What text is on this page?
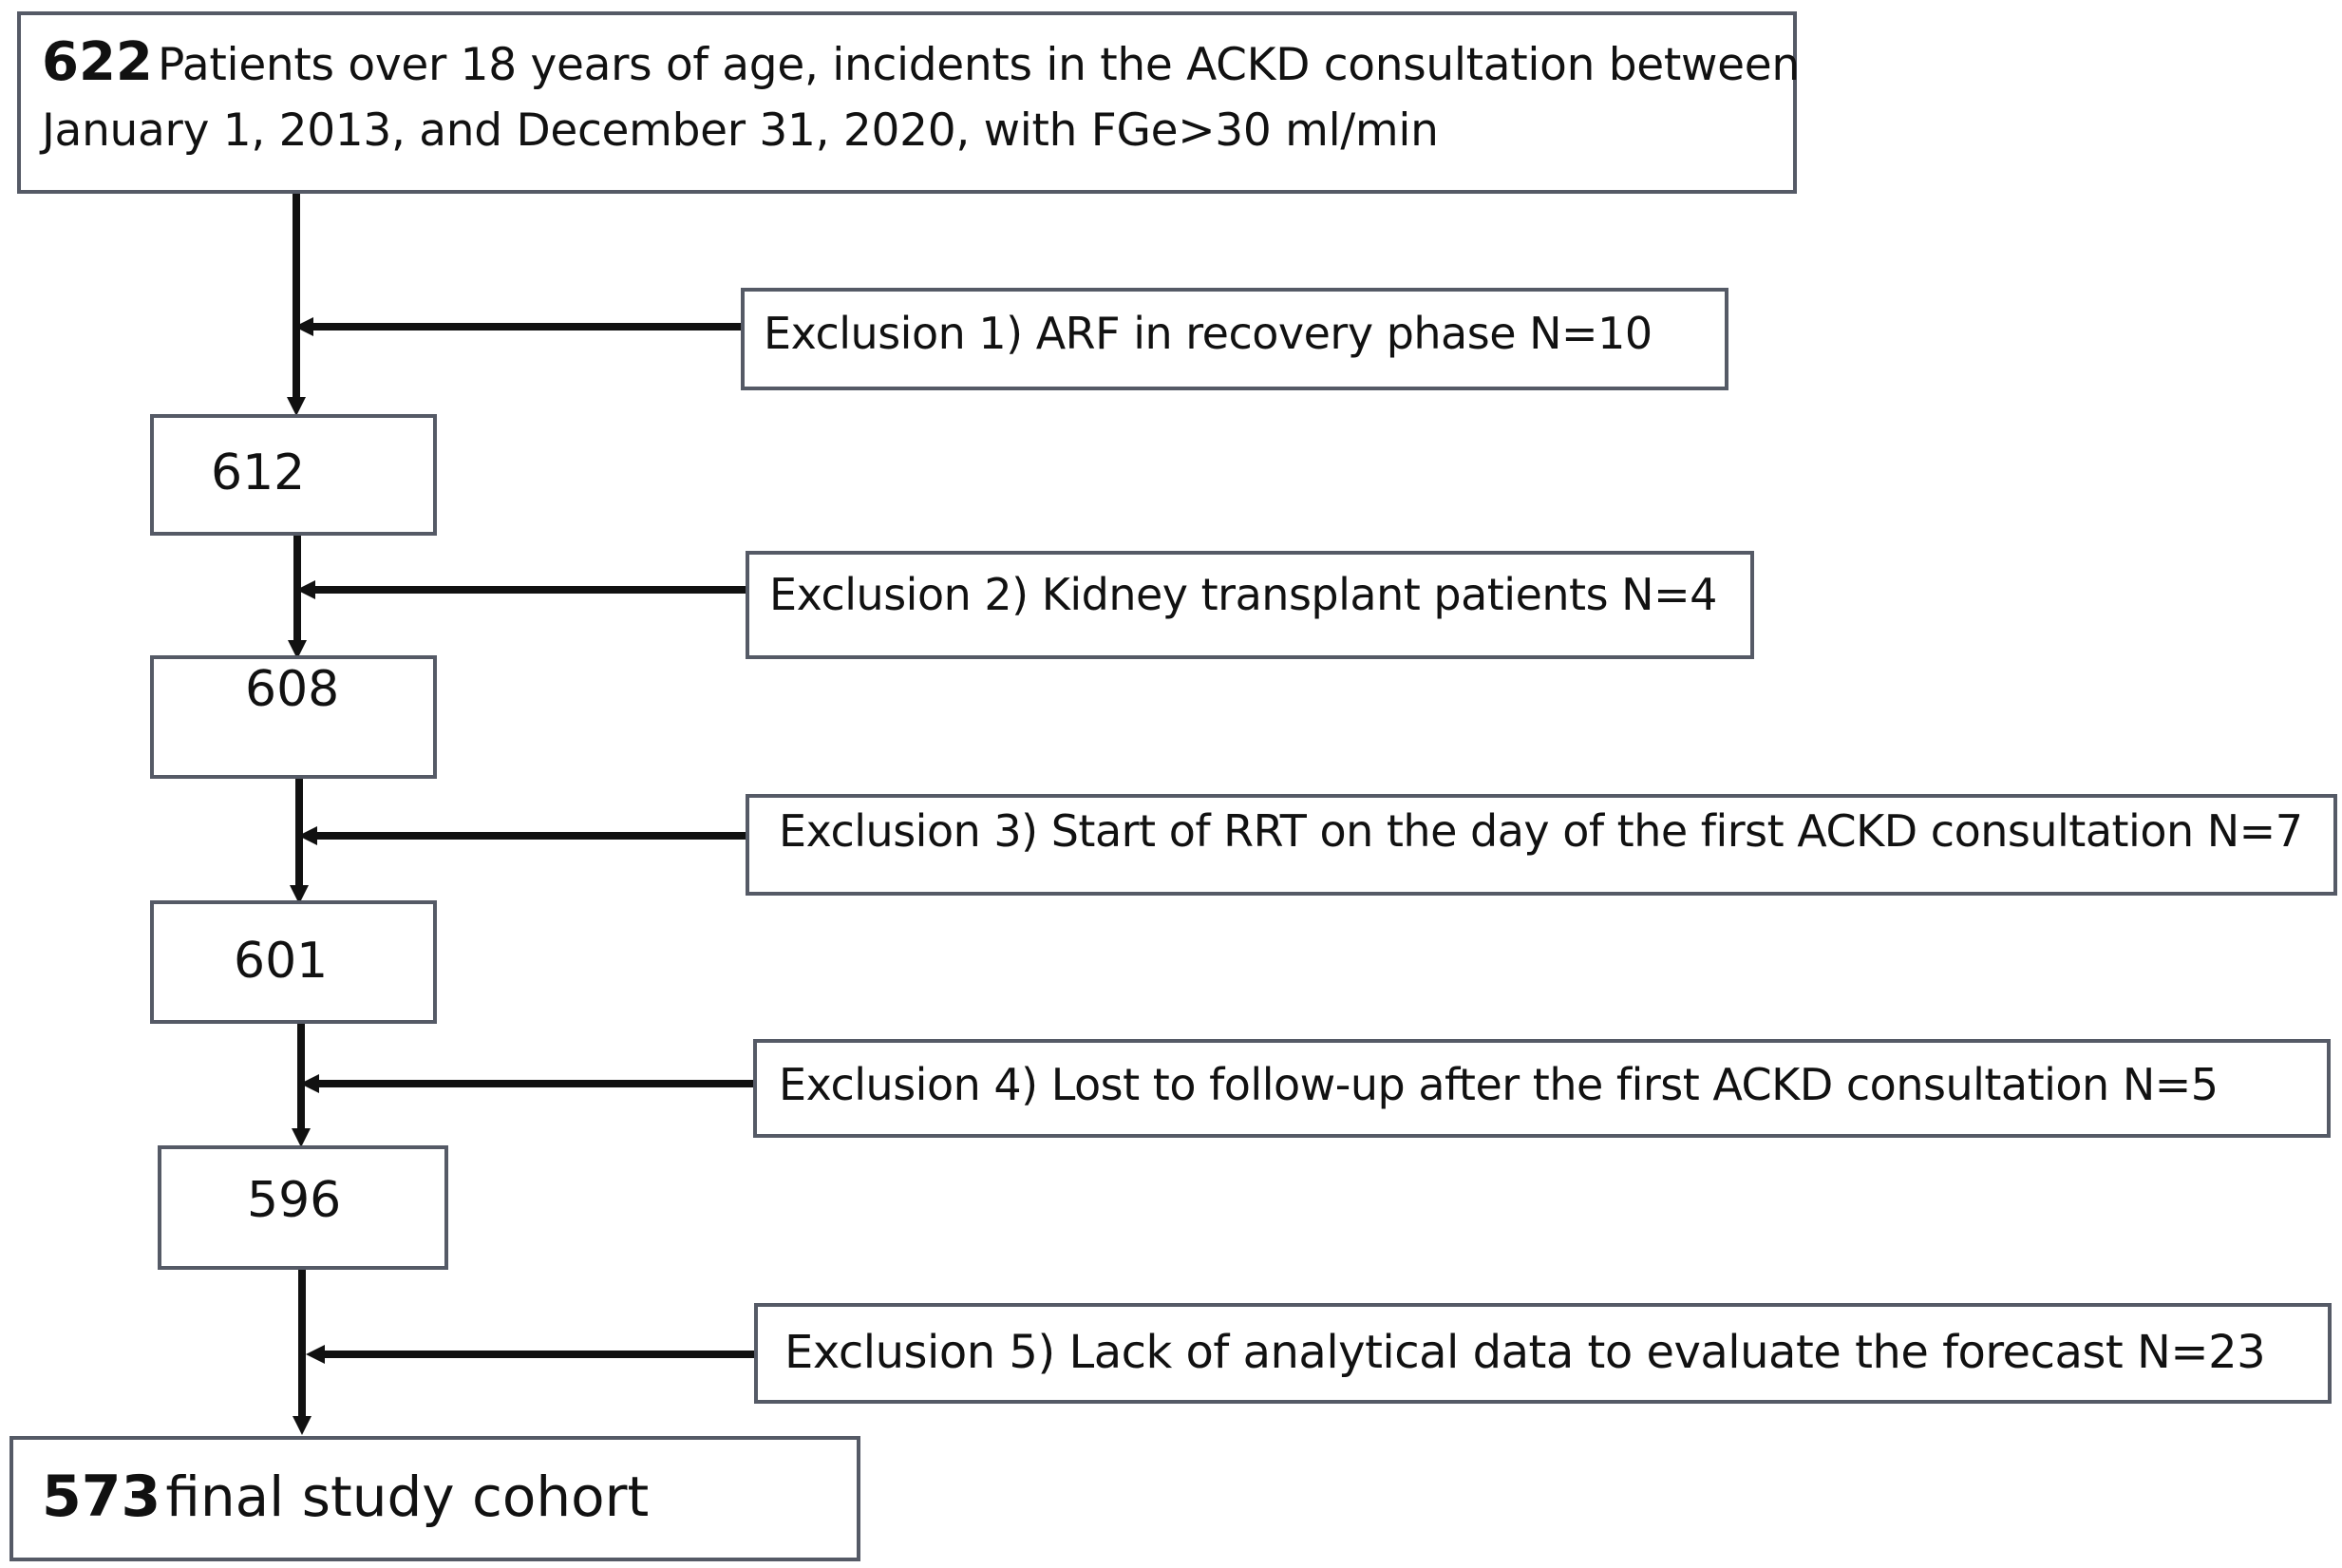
622 Patients over 18 years of age, incidents in the ACKD consultation between
January 1, 2013, and December 31, 2020, with FGe>30 ml/min
Exclusion 1) ARF in recovery phase N=10
Exclusion 2) Kidney transplant patients N=4
Exclusion 3) Start of RRT on the day of the first ACKD consultation N=7
Exclusion 4) Lost to follow-up after the first ACKD consultation N=5
Exclusion 5) Lack of analytical data to evaluate the forecast N=23
612
608
601
596
573 final study cohort
